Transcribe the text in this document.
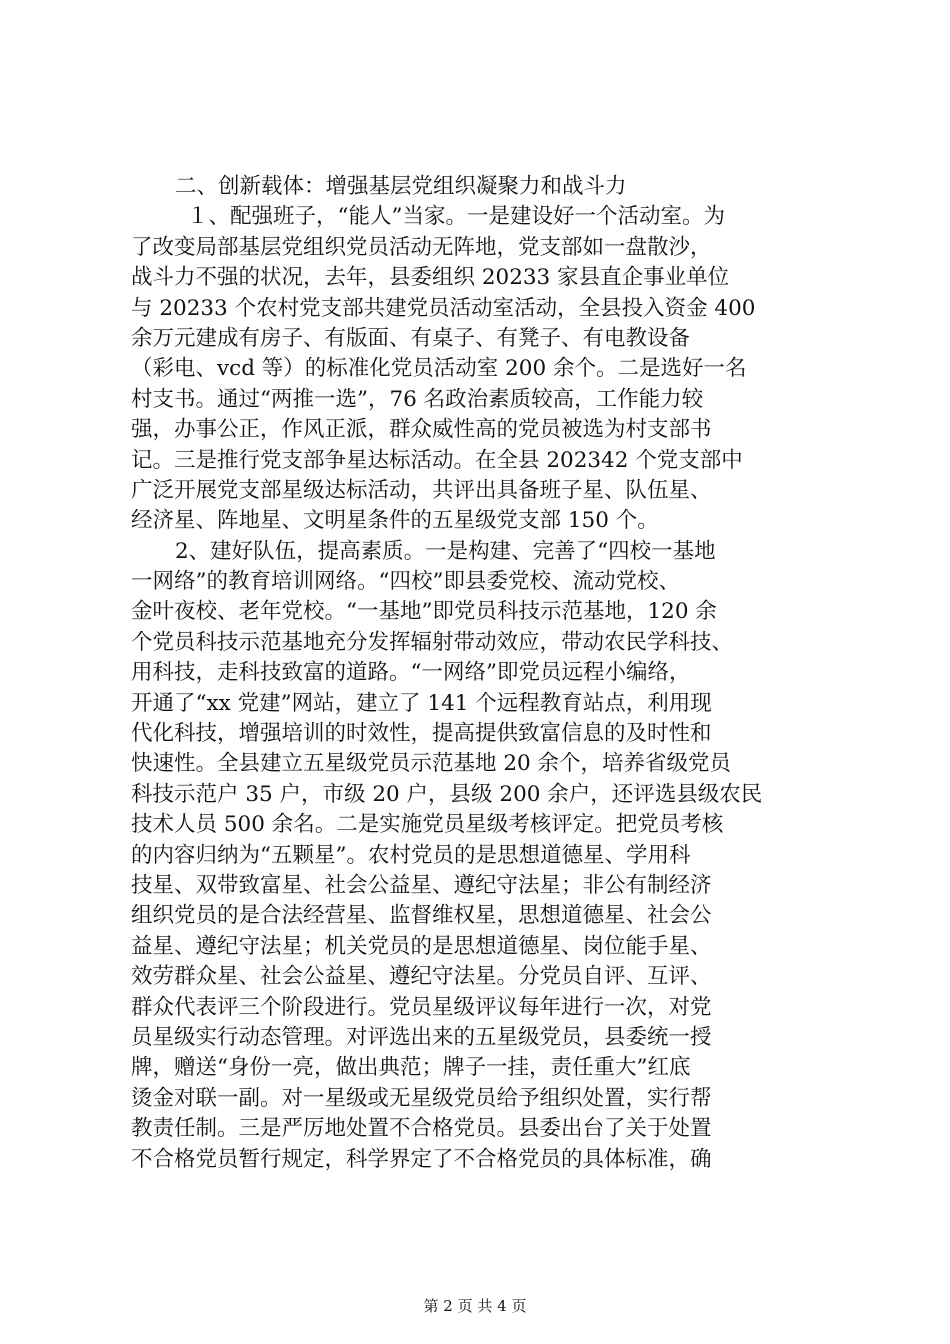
二、创新载体：增强基层党组织凝聚力和战斗力
１、配强班子，“能人”当家。一是建设好一个活动室。为
了改变局部基层党组织党员活动无阵地，党支部如一盘散沙，
战斗力不强的状况，去年，县委组织 20233 家县直企事业单位
与 20233 个农村党支部共建党员活动室活动，全县投入资金 400
余万元建成有房子、有版面、有桌子、有凳子、有电教设备
（彩电、vcd 等）的标准化党员活动室 200 余个。二是选好一名
村支书。通过“两推一选”，76 名政治素质较高，工作能力较
强，办事公正，作风正派，群众威性高的党员被选为村支部书
记。三是推行党支部争星达标活动。在全县 202342 个党支部中
广泛开展党支部星级达标活动，共评出具备班子星、队伍星、
经济星、阵地星、文明星条件的五星级党支部 150 个。
2、建好队伍，提高素质。一是构建、完善了“四校一基地
一网络”的教育培训网络。“四校”即县委党校、流动党校、
金叶夜校、老年党校。“一基地”即党员科技示范基地，120 余
个党员科技示范基地充分发挥辐射带动效应，带动农民学科技、
用科技，走科技致富的道路。“一网络”即党员远程小编络，
开通了“xx 党建”网站，建立了 141 个远程教育站点，利用现
代化科技，增强培训的时效性，提高提供致富信息的及时性和
快速性。全县建立五星级党员示范基地 20 余个，培养省级党员
科技示范户 35 户，市级 20 户，县级 200 余户，还评选县级农民
技术人员 500 余名。二是实施党员星级考核评定。把党员考核
的内容归纳为“五颗星”。农村党员的是思想道德星、学用科
技星、双带致富星、社会公益星、遵纪守法星；非公有制经济
组织党员的是合法经营星、监督维权星，思想道德星、社会公
益星、遵纪守法星；机关党员的是思想道德星、岗位能手星、
效劳群众星、社会公益星、遵纪守法星。分党员自评、互评、
群众代表评三个阶段进行。党员星级评议每年进行一次，对党
员星级实行动态管理。对评选出来的五星级党员，县委统一授
牌，赠送“身份一亮，做出典范；牌子一挂，责任重大”红底
烫金对联一副。对一星级或无星级党员给予组织处置，实行帮
教责任制。三是严厉地处置不合格党员。县委出台了关于处置
不合格党员暂行规定，科学界定了不合格党员的具体标准，确
第 2 页 共 4 页
